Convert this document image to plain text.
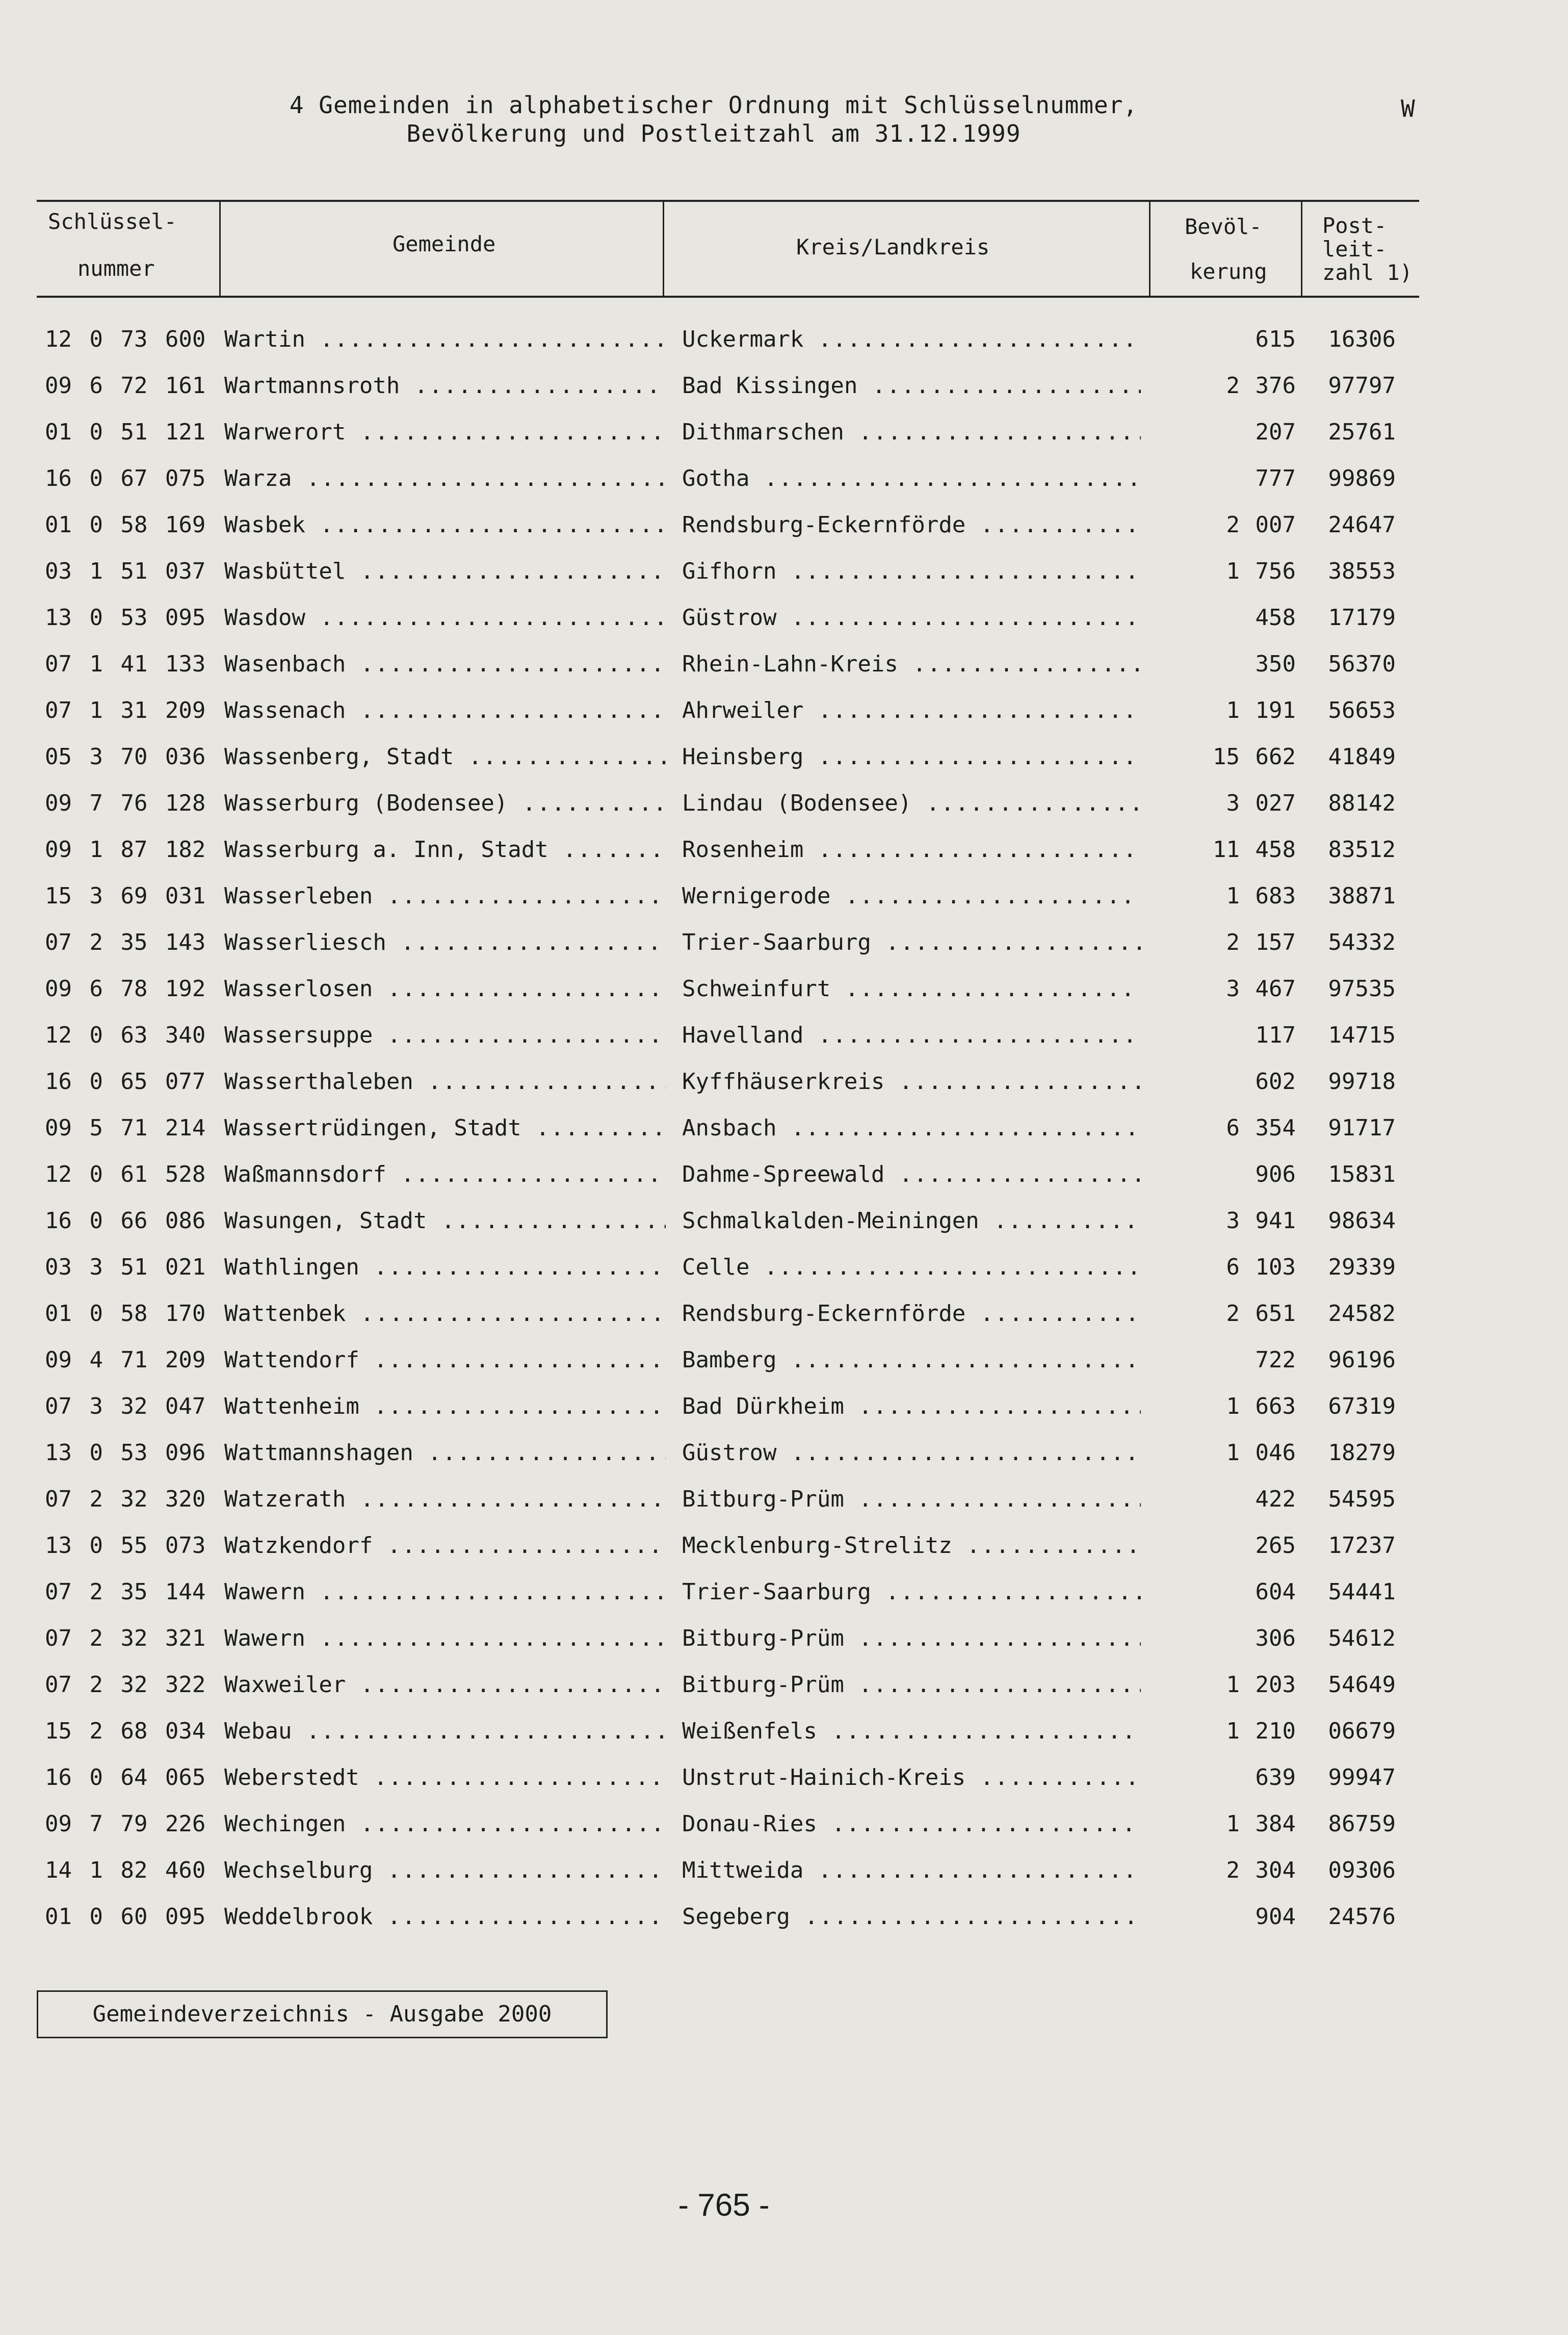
4 Gemeinden in alphabetischer Ordnung mit Schlüsselnummer,
Bevölkerung und Postleitzahl am 31.12.1999
W
Schlüssel-
nummer
Gemeinde	Kreis/Landkreis
Bevöl-
kerung
Post-
leit-
zahl 1)
12 0 73 600 Wartin .....	Uckermark .....	615	16306
09 6 72 161 Wartmannsroth .....	Bad Kissingen .....	2 376	97797
01 0 51 121 Warwerort .....	Dithmarschen .....	207	25761
16 0 67 075 Warza .....	Gotha .....	777	99869
01 0 58 169 Wasbek .....	Rendsburg-Eckernförde .....	2 007	24647
03 1 51 037 Wasbüttel .....	Gifhorn .....	1 756	38553
13 0 53 095 Wasdow .....	Güstrow .....	458	17179
07 1 41 133 Wasenbach .....	Rhein-Lahn-Kreis .....	350	56370
07 1 31 209 Wassenach .....	Ahrweiler .....	1 191	56653
05 3 70 036 Wassenberg, Stadt .....	Heinsberg .....	15 662	41849
09 7 76 128 Wasserburg (Bodensee) .....	Lindau (Bodensee) .....	3 027	88142
09 1 87 182 Wasserburg a. Inn, Stadt .....	Rosenheim .....	11 458	83512
15 3 69 031 Wasserleben .....	Wernigerode .....	1 683	38871
07 2 35 143 Wasserliesch .....	Trier-Saarburg .....	2 157	54332
09 6 78 192 Wasserlosen .....	Schweinfurt .....	3 467	97535
12 0 63 340 Wassersuppe .....	Havelland .....	117	14715
16 0 65 077 Wasserthaleben .....	Kyffhäuserkreis .....	602	99718
09 5 71 214 Wassertrüdingen, Stadt .....	Ansbach .....	6 354	91717
12 0 61 528 Waßmannsdorf .....	Dahme-Spreewald .....	906	15831
16 0 66 086 Wasungen, Stadt .....	Schmalkalden-Meiningen .....	3 941	98634
03 3 51 021 Wathlingen .....	Celle .....	6 103	29339
01 0 58 170 Wattenbek .....	Rendsburg-Eckernförde .....	2 651	24582
09 4 71 209 Wattendorf .....	Bamberg .....	722	96196
07 3 32 047 Wattenheim .....	Bad Dürkheim .....	1 663	67319
13 0 53 096 Wattmannshagen .....	Güstrow .....	1 046	18279
07 2 32 320 Watzerath .....	Bitburg-Prüm .....	422	54595
13 0 55 073 Watzkendorf .....	Mecklenburg-Strelitz .....	265	17237
07 2 35 144 Wawern .....	Trier-Saarburg .....	604	54441
07 2 32 321 Wawern .....	Bitburg-Prüm .....	306	54612
07 2 32 322 Waxweiler .....	Bitburg-Prüm .....	1 203	54649
15 2 68 034 Webau .....	Weißenfels .....	1 210	06679
16 0 64 065 Weberstedt .....	Unstrut-Hainich-Kreis .....	639	99947
09 7 79 226 Wechingen .....	Donau-Ries .....	1 384	86759
14 1 82 460 Wechselburg .....	Mittweida .....	2 304	09306
01 0 60 095 Weddelbrook .....	Segeberg .....	904	24576
Gemeindeverzeichnis - Ausgabe 2000
- 765 -
